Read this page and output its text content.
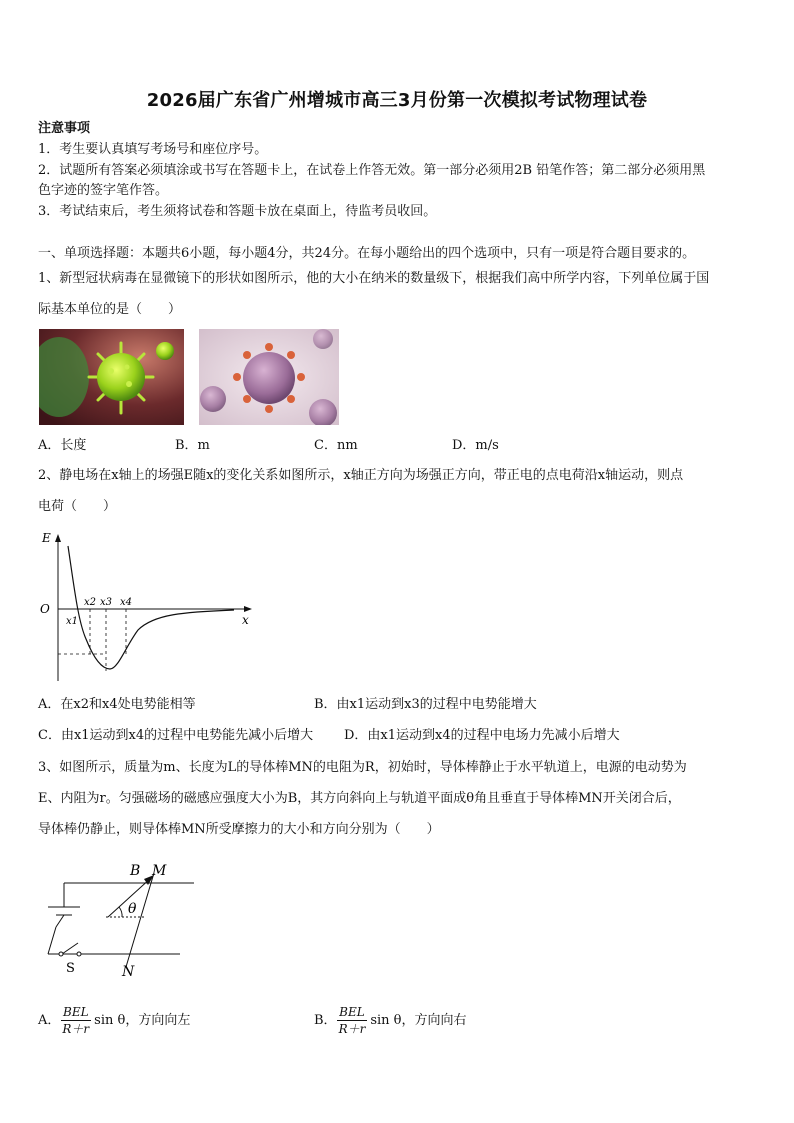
2026届广东省广州增城市高三3月份第一次模拟考试物理试卷
注意事项
1．考生要认真填写考场号和座位序号。
2．试题所有答案必须填涂或书写在答题卡上，在试卷上作答无效。第一部分必须用2B 铅笔作答；第二部分必须用黑
色字迹的签字笔作答。
3．考试结束后，考生须将试卷和答题卡放在桌面上，待监考员收回。
一、单项选择题：本题共6小题，每小题4分，共24分。在每小题给出的四个选项中，只有一项是符合题目要求的。
1、新型冠状病毒在显微镜下的形状如图所示，他的大小在纳米的数量级下，根据我们高中所学内容，下列单位属于国
际基本单位的是（　　）
A．长度	B．m	C．nm	D．m/s
2、静电场在x轴上的场强E随x的变化关系如图所示，x轴正方向为场强正方向，带正电的点电荷沿x轴运动，则点
电荷（　　）
E
O
x
x1
x2 x3 x4
A．在x2和x4处电势能相等	B．由x1运动到x3的过程中电势能增大
C．由x1运动到x4的过程中电势能先减小后增大 D．由x1运动到x4的过程中电场力先减小后增大
3、如图所示，质量为m、长度为L的导体棒MN的电阻为R，初始时，导体棒静止于水平轨道上，电源的电动势为
E、内阻为r。匀强磁场的磁感应强度大小为B，其方向斜向上与轨道平面成θ角且垂直于导体棒MN开关闭合后，
导体棒仍静止，则导体棒MN所受摩擦力的大小和方向分别为（　　）
B M
θ
S	N
A． $\frac{\text{BEL}}{R+r}$ sin θ，方向向左	B． $\frac{\text{BEL}}{R+r}$ sin θ，方向向右
